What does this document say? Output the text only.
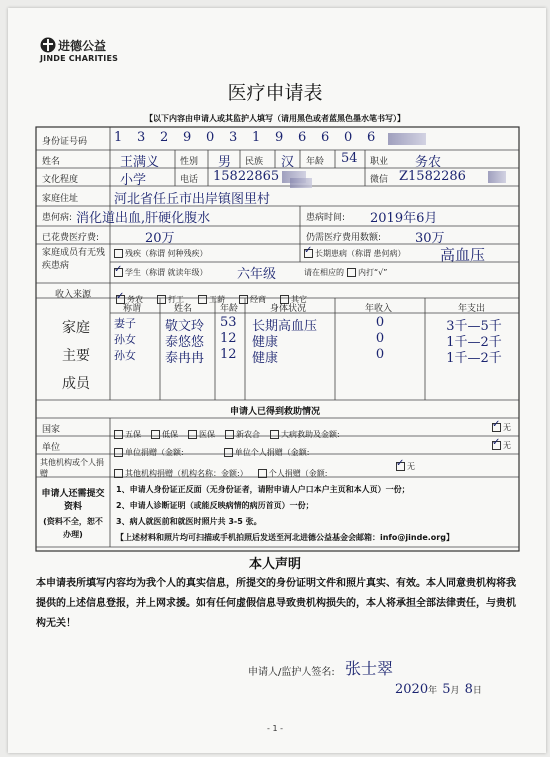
进德公益
JINDE CHARITIES
医疗申请表
【以下内容由申请人或其监护人填写（请用黑色或者蓝黑色墨水笔书写）】
身份证号码 1 3 2 9 0 3 1 9 6 6 0 6
姓名	王满义 性别 男 民族 汉 年龄 54 职业 务农
文化程度	小学	电话 15822865	微信 Z1582286
家庭住址	河北省任丘市出岸镇图里村
患何病: 消化道出血,肝硬化腹水	患病时间: 2019年6月
已花费医疗费:	20万	仍需医疗费用数额:	30万
家庭成员有无残疾患病
残疾（称谓 何种残疾）	✓ 长期患病（称谓 患何病） 高血压
✓ 学生（称谓 就读年级） 六年级	请在相应的 内打“√”
收入来源 ✓ 务农	打工	工薪	经商	其它
家庭
主要
成员
称谓	姓名	年龄	身体状况	年收入	年支出
妻子	敬文玲	53	长期高血压	0	3千—5千
孙女	泰悠悠	12	健康	0	1千—2千
孙女	泰冉冉	12	健康	0	1千—2千
申请人已得到救助情况
国家	五保	低保	医保	新农合	大病救助及金额:
✓ 无
单位	单位捐赠（金额:	单位个人捐赠（金额:
✓ 无
其他机构或个人捐赠	其他机构捐赠（机构名称：金额:）	个人捐赠（金额:
✓ 无
申请人还需提交资料
(资料不全，恕不办理)
1、申请人身份证正反面（无身份证者，请附申请人户口本户主页和本人页）一份；
2、申请人诊断证明（或能反映病情的病历首页）一份；
3、病人就医前和就医时照片共 3-5 张。
【上述材料和照片均可扫描或手机拍照后发送至河北进德公益基金会邮箱：info@jinde.org】
本人声明
本申请表所填写内容均为我个人的真实信息，所提交的身份证明文件和照片真实、有效。本人同意贵机构将我提供的上述信息登报，并上网求援。如有任何虚假信息导致贵机构损失的，本人将承担全部法律责任，与贵机构无关！
申请人/监护人签名: 张士翠
2020年 5月 8日
- 1 -
